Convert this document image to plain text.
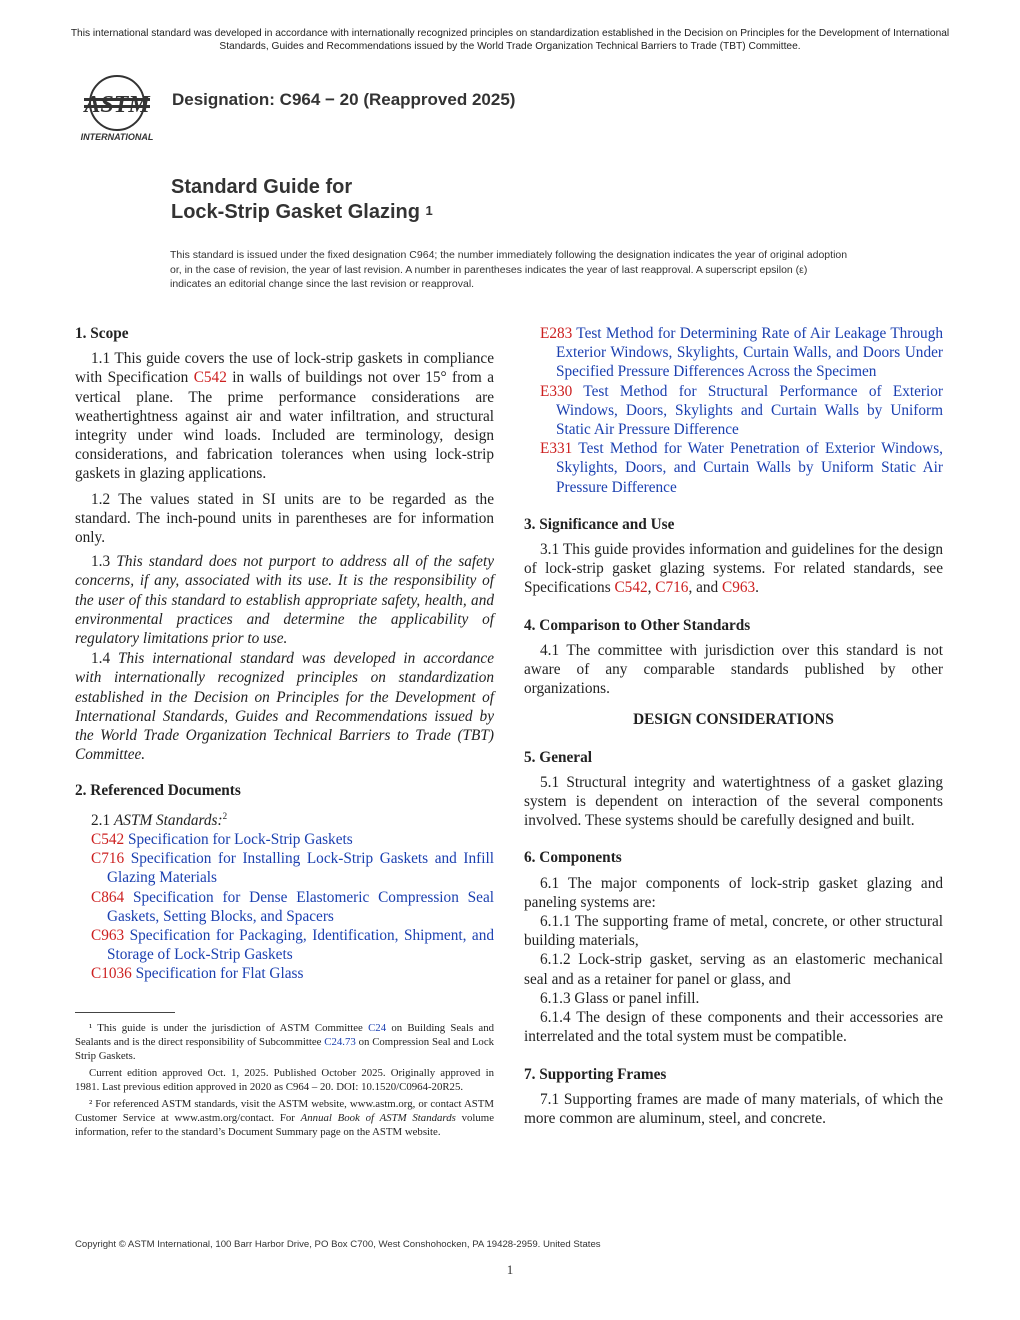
This international standard was developed in accordance with internationally recognized principles on standardization established in the Decision on Principles for the Development of International Standards, Guides and Recommendations issued by the World Trade Organization Technical Barriers to Trade (TBT) Committee.
ASTM
INTERNATIONAL
Designation: C964 − 20 (Reapproved 2025)
Standard Guide for
Lock-Strip Gasket Glazing $^1$
This standard is issued under the fixed designation C964; the number immediately following the designation indicates the year of original adoption or, in the case of revision, the year of last revision. A number in parentheses indicates the year of last reapproval. A superscript epsilon (ε) indicates an editorial change since the last revision or reapproval.
1. Scope

1.1 This guide covers the use of lock-strip gaskets in compliance with Specification C542 in walls of buildings not over 15° from a vertical plane. The prime performance considerations are weathertightness against air and water infiltration, and structural integrity under wind loads. Included are terminology, design considerations, and fabrication tolerances when using lock-strip gaskets in glazing applications.

1.2 The values stated in SI units are to be regarded as the standard. The inch-pound units in parentheses are for information only.

1.3 This standard does not purport to address all of the safety concerns, if any, associated with its use. It is the responsibility of the user of this standard to establish appropriate safety, health, and environmental practices and determine the applicability of regulatory limitations prior to use.

1.4 This international standard was developed in accordance with internationally recognized principles on standardization established in the Decision on Principles for the Development of International Standards, Guides and Recommendations issued by the World Trade Organization Technical Barriers to Trade (TBT) Committee.

2. Referenced Documents

2.1 ASTM Standards:$^2$

C542 Specification for Lock-Strip Gaskets

C716 Specification for Installing Lock-Strip Gaskets and Infill Glazing Materials

C864 Specification for Dense Elastomeric Compression Seal Gaskets, Setting Blocks, and Spacers

C963 Specification for Packaging, Identification, Shipment, and Storage of Lock-Strip Gaskets

C1036 Specification for Flat Glass

¹ This guide is under the jurisdiction of ASTM Committee C24 on Building Seals and Sealants and is the direct responsibility of Subcommittee C24.73 on Compression Seal and Lock Strip Gaskets.

Current edition approved Oct. 1, 2025. Published October 2025. Originally approved in 1981. Last previous edition approved in 2020 as C964 – 20. DOI: 10.1520/C0964-20R25.

² For referenced ASTM standards, visit the ASTM website, www.astm.org, or contact ASTM Customer Service at www.astm.org/contact. For Annual Book of ASTM Standards volume information, refer to the standard’s Document Summary page on the ASTM website.

E283 Test Method for Determining Rate of Air Leakage Through Exterior Windows, Skylights, Curtain Walls, and Doors Under Specified Pressure Differences Across the Specimen

E330 Test Method for Structural Performance of Exterior Windows, Doors, Skylights and Curtain Walls by Uniform Static Air Pressure Difference

E331 Test Method for Water Penetration of Exterior Windows, Skylights, Doors, and Curtain Walls by Uniform Static Air Pressure Difference

3. Significance and Use

3.1 This guide provides information and guidelines for the design of lock-strip gasket glazing systems. For related standards, see Specifications C542, C716, and C963.

4. Comparison to Other Standards

4.1 The committee with jurisdiction over this standard is not aware of any comparable standards published by other organizations.

DESIGN CONSIDERATIONS

5. General

5.1 Structural integrity and watertightness of a gasket glazing system is dependent on interaction of the several components involved. These systems should be carefully designed and built.

6. Components

6.1 The major components of lock-strip gasket glazing and paneling systems are:

6.1.1 The supporting frame of metal, concrete, or other structural building materials,

6.1.2 Lock-strip gasket, serving as an elastomeric mechanical seal and as a retainer for panel or glass, and

6.1.3 Glass or panel infill.

6.1.4 The design of these components and their accessories are interrelated and the total system must be compatible.

7. Supporting Frames

7.1 Supporting frames are made of many materials, of which the more common are aluminum, steel, and concrete.

Copyright © ASTM International, 100 Barr Harbor Drive, PO Box C700, West Conshohocken, PA 19428-2959. United States
1
